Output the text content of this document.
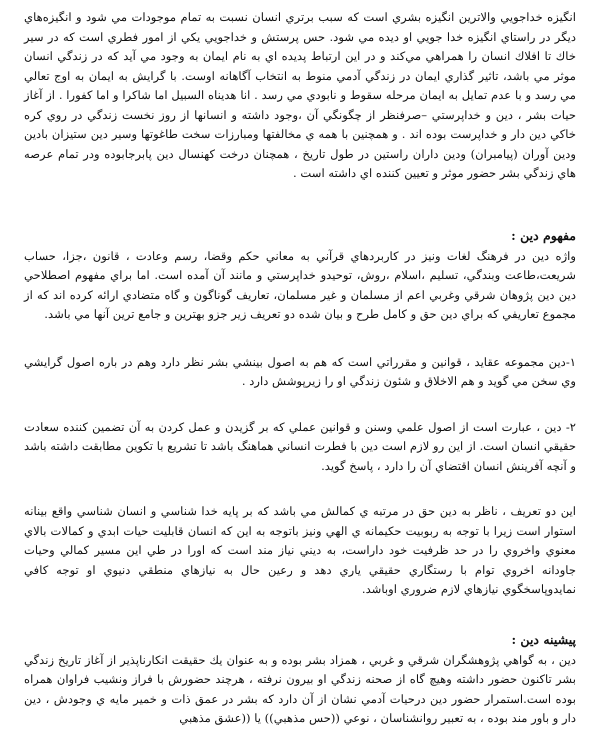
انگيزه خداجويي والاترين انگيزه بشري است كه سبب برتري انسان نسبت به تمام موجودات مي شود و انگيزه‌هاي ديگر در راستاي انگيزه خدا جويي او ديده مي شود. حس پرستش و خداجويي يكي از امور فطري است كه در سير خاك تا افلاك انسان را همراهي مي‌كند و در اين ارتباط پديده اي به نام ايمان به وجود مي آيد كه در زندگي انسان موثر مي باشد، تاثير گذاري ايمان در زندگي آدمي منوط به انتخاب آگاهانه اوست. با گرايش به ايمان به اوج تعالي مي رسد و با عدم تمايل به ايمان مرحله سقوط و نابودي مي رسد . انا هديناه السبيل اما شاكرا و اما كفورا . از آغاز حيات بشر ، دين و خداپرستي –صرفنظر از چگونگي آن ،وجود داشته و انسانها از روز نخست زندگي در روي كره خاكي دين دار و خداپرست بوده اند . و همچنين با همه ي مخالفتها ومبارزات سخت طاغوتها وسير دين ستيزان بادين ودين آوران (پيامبران) ودين داران راستين در طول تاريخ ، همچنان درخت كهنسال دين پابرجابوده ودر تمام عرصه هاي زندگي بشر حضور موثر و تعيين كننده اي داشته است .

مفهوم دين :

واژه دين در فرهنگ لغات ونيز در كاربردهاي قرآني به معاني حكم وقضا، رسم وعادت ، قانون ،جزا، حساب شريعت،طاعت وبندگي، تسليم ،اسلام ،روش، توحيدو خداپرستي و مانند آن آمده است. اما براي مفهوم اصطلاحي دين دين پژوهان شرقي وغربي اعم از مسلمان و غير مسلمان، تعاريف گوناگون و گاه متضادي ارائه كرده اند كه از مجموع تعاريفي كه براي دين حق و كامل طرح و بيان شده دو تعريف زير جزو بهترين و جامع ترين آنها مي باشد.

۱-دين مجموعه عقايد ، قوانين و مقرراتي است كه هم به اصول بينشي بشر نظر دارد وهم در باره اصول گرايشي وي سخن مي گويد و هم الاخلاق و شئون زندگي او را زيرپوشش دارد .

۲- دين ، عبارت است از اصول علمي وسنن و قوانين عملي كه بر گزيدن و عمل كردن به آن تضمين كننده سعادت حقيقي انسان است. از اين رو لازم است دين با فطرت انساني هماهنگ باشد تا تشريع با تكوين مطابقت داشته باشد و آنچه آفرينش انسان اقتضاي آن را دارد ، پاسخ گويد.

اين دو تعريف ، ناظر به دين حق در مرتبه ي كمالش مي باشد كه بر پايه خدا شناسي و انسان شناسي واقع بينانه استوار است زيرا با توجه به ربوبيت حكيمانه ي الهي ونيز باتوجه به اين كه انسان قابليت حيات ابدي و كمالات بالاي معنوي واخروي را در حد ظرفيت خود داراست، به ديني نياز مند است كه اورا در طي اين مسير كمالي وحيات جاودانه اخروي توام با رستگاري حقيقي ياري دهد و رعين حال به نيازهاي منطقي دنيوي او توجه كافي نمايدوپاسخگوي نيازهاي لازم ضروري اوباشد.

پيشينه دين :

دين ، به گواهي پژوهشگران شرقي و غربي ، همزاد بشر بوده و به عنوان يك حقيقت انكارناپذير از آغاز تاريخ زندگي بشر تاكنون حضور داشته وهيچ گاه از صحنه زندگي او بيرون نرفته ، هرچند حضورش با فراز ونشيب فراوان همراه بوده است.استمرار حضور دين درحيات آدمي نشان از آن دارد كه بشر در عمق ذات و خمير مايه ي وجودش ، دين دار و باور مند بوده ، به تعبير روانشناسان ، نوعي ((حس مذهبي)) يا ((عشق مذهبي
